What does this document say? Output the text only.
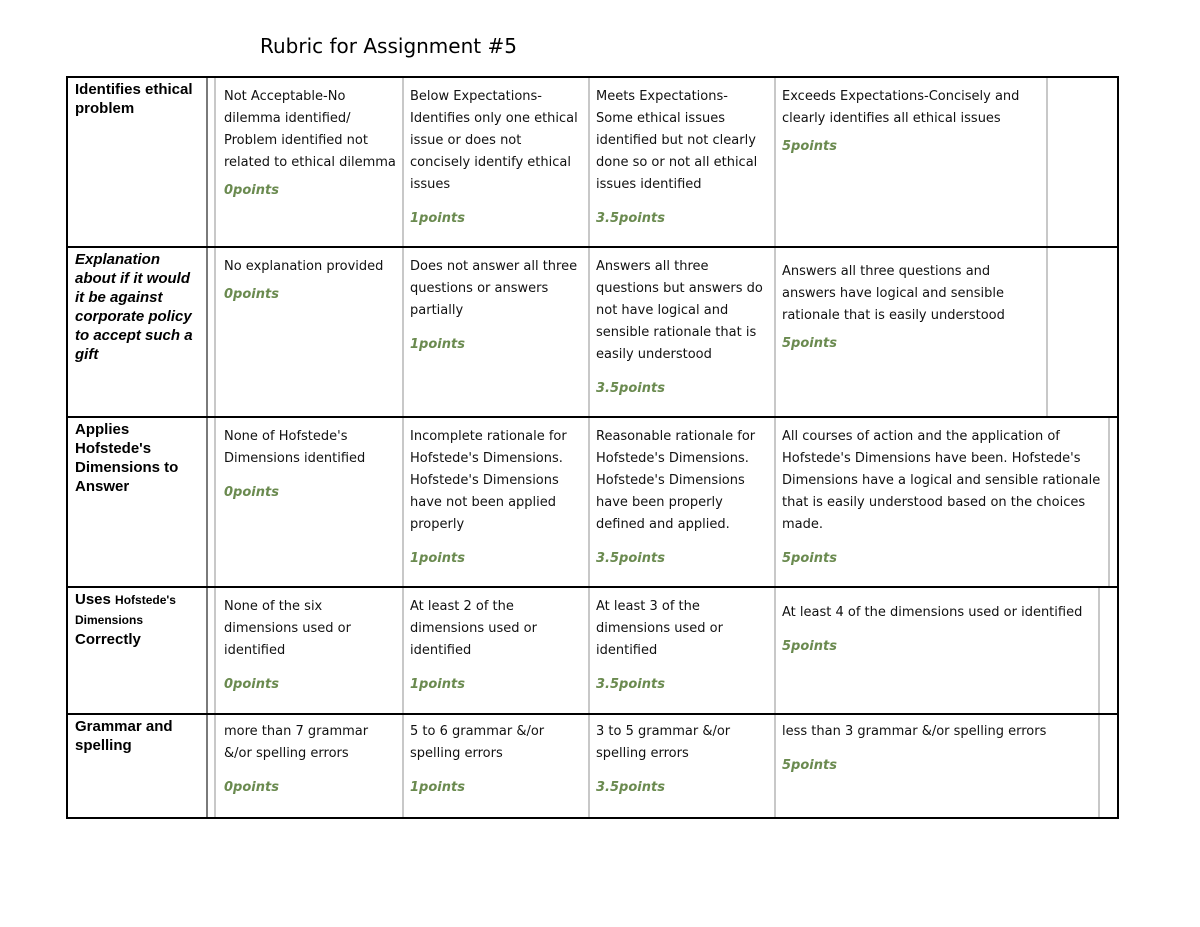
Rubric for Assignment #5
Identifies ethical problem
Not Acceptable-No dilemma identified/ Problem identified not related to ethical dilemma
0points
Below Expectations- Identifies only one ethical issue or does not concisely identify ethical issues
1points
Meets Expectations- Some ethical issues identified but not clearly done so or not all ethical issues identified
3.5points
Exceeds Expectations-Concisely and clearly identifies all ethical issues
5points
Explanation about if it would it be against corporate policy to accept such a gift
No explanation provided
0points
Does not answer all three questions or answers partially
1points
Answers all three questions but answers do not have logical and sensible rationale that is easily understood
3.5points
Answers all three questions and answers have logical and sensible rationale that is easily understood
5points
Applies Hofstede's Dimensions to Answer
None of Hofstede's Dimensions identified
0points
Incomplete rationale for Hofstede's Dimensions. Hofstede's Dimensions have not been applied properly
1points
Reasonable rationale for Hofstede's Dimensions. Hofstede's Dimensions have been properly defined and applied.
3.5points
All courses of action and the application of Hofstede's Dimensions have been. Hofstede's Dimensions have a logical and sensible rationale that is easily understood based on the choices made.
5points
Uses Hofstede's Dimensions
Correctly
None of the six dimensions used or identified
0points
At least 2 of the dimensions used or identified
1points
At least 3 of the dimensions used or identified
3.5points
At least 4 of the dimensions used or identified
5points
Grammar and spelling
more than 7 grammar &/or spelling errors
0points
5 to 6 grammar &/or spelling errors
1points
3 to 5 grammar &/or spelling errors
3.5points
less than 3 grammar &/or spelling errors
5points
